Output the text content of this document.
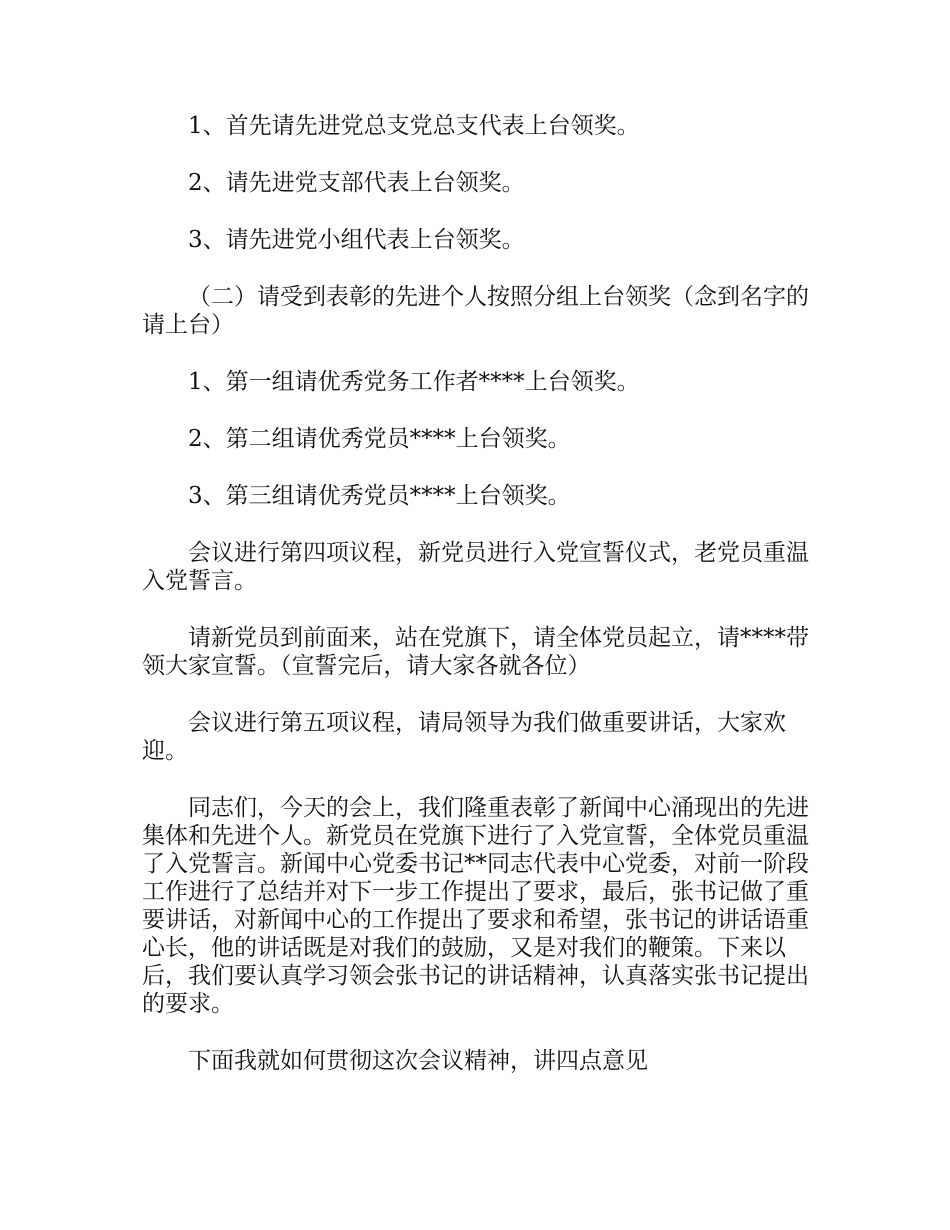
1、首先请先进党总支党总支代表上台领奖。

2、请先进党支部代表上台领奖。

3、请先进党小组代表上台领奖。

（二）请受到表彰的先进个人按照分组上台领奖（念到名字的请上台）

1、第一组请优秀党务工作者****上台领奖。

2、第二组请优秀党员****上台领奖。

3、第三组请优秀党员****上台领奖。

会议进行第四项议程，新党员进行入党宣誓仪式，老党员重温入党誓言。

请新党员到前面来，站在党旗下，请全体党员起立，请****带领大家宣誓。（宣誓完后，请大家各就各位）

会议进行第五项议程，请局领导为我们做重要讲话，大家欢迎。

同志们，今天的会上，我们隆重表彰了新闻中心涌现出的先进集体和先进个人。新党员在党旗下进行了入党宣誓，全体党员重温了入党誓言。新闻中心党委书记**同志代表中心党委，对前一阶段工作进行了总结并对下一步工作提出了要求，最后，张书记做了重要讲话，对新闻中心的工作提出了要求和希望，张书记的讲话语重心长，他的讲话既是对我们的鼓励，又是对我们的鞭策。下来以后，我们要认真学习领会张书记的讲话精神，认真落实张书记提出的要求。

下面我就如何贯彻这次会议精神，讲四点意见
